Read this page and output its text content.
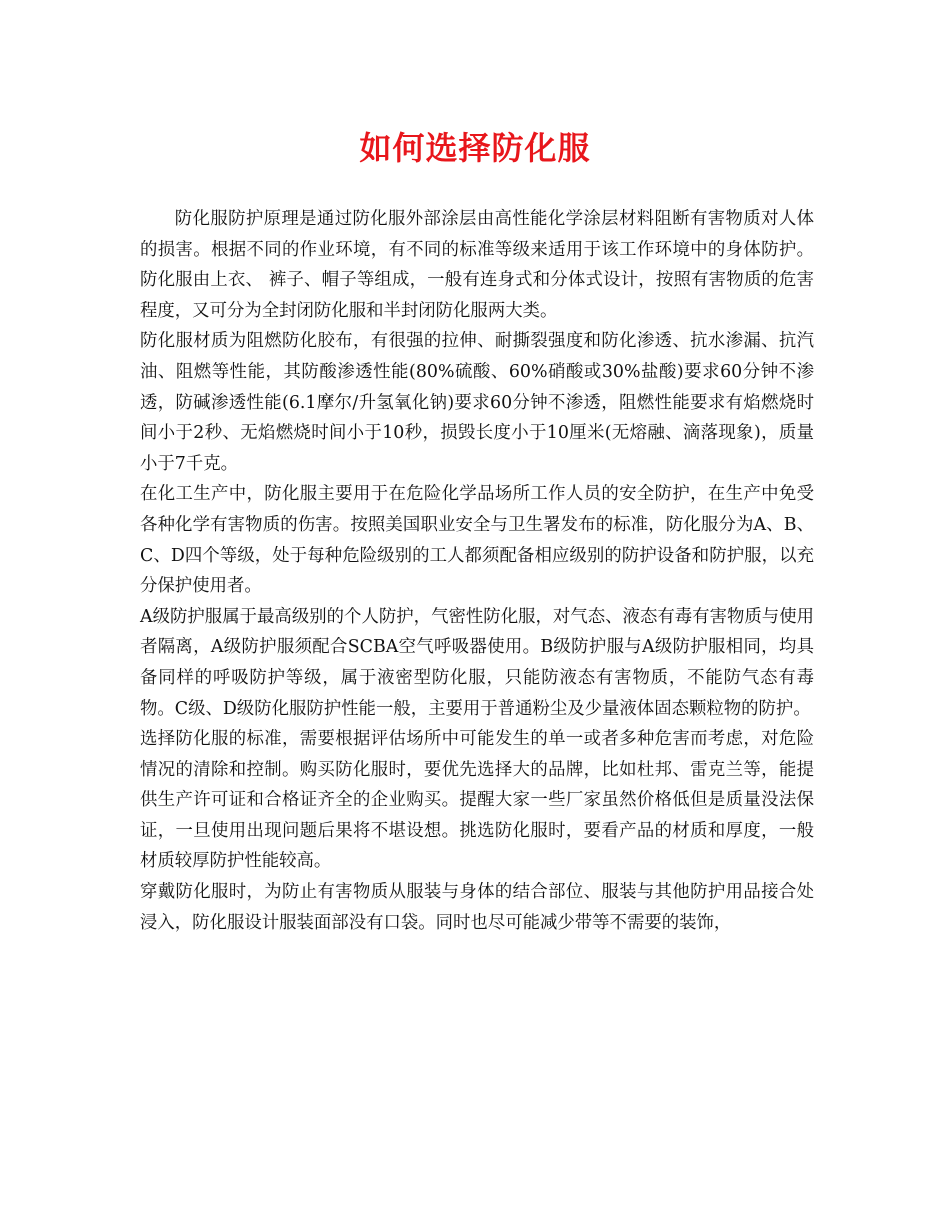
如何选择防化服

防化服防护原理是通过防化服外部涂层由高性能化学涂层材料阻断有害物质对人体的损害。根据不同的作业环境，有不同的标准等级来适用于该工作环境中的身体防护。防化服由上衣、 裤子、帽子等组成，一般有连身式和分体式设计，按照有害物质的危害程度，又可分为全封闭防化服和半封闭防化服两大类。

防化服材质为阻燃防化胶布，有很强的拉伸、耐撕裂强度和防化渗透、抗水渗漏、抗汽油、阻燃等性能，其防酸渗透性能(80%硫酸、60%硝酸或30%盐酸)要求60分钟不渗透，防碱渗透性能(6.1摩尔/升氢氧化钠)要求60分钟不渗透，阻燃性能要求有焰燃烧时间小于2秒、无焰燃烧时间小于10秒，损毁长度小于10厘米(无熔融、滴落现象)，质量小于7千克。

在化工生产中，防化服主要用于在危险化学品场所工作人员的安全防护，在生产中免受各种化学有害物质的伤害。按照美国职业安全与卫生署发布的标准，防化服分为A、B、C、D四个等级，处于每种危险级别的工人都须配备相应级别的防护设备和防护服，以充分保护使用者。

A级防护服属于最高级别的个人防护，气密性防化服，对气态、液态有毒有害物质与使用者隔离，A级防护服须配合SCBA空气呼吸器使用。B级防护服与A级防护服相同，均具备同样的呼吸防护等级，属于液密型防化服，只能防液态有害物质，不能防气态有毒物。C级、D级防化服防护性能一般，主要用于普通粉尘及少量液体固态颗粒物的防护。

选择防化服的标准，需要根据评估场所中可能发生的单一或者多种危害而考虑，对危险情况的清除和控制。购买防化服时，要优先选择大的品牌，比如杜邦、雷克兰等，能提供生产许可证和合格证齐全的企业购买。提醒大家一些厂家虽然价格低但是质量没法保证，一旦使用出现问题后果将不堪设想。挑选防化服时，要看产品的材质和厚度，一般材质较厚防护性能较高。

穿戴防化服时，为防止有害物质从服装与身体的结合部位、服装与其他防护用品接合处浸入，防化服设计服装面部没有口袋。同时也尽可能减少带等不需要的装饰，
